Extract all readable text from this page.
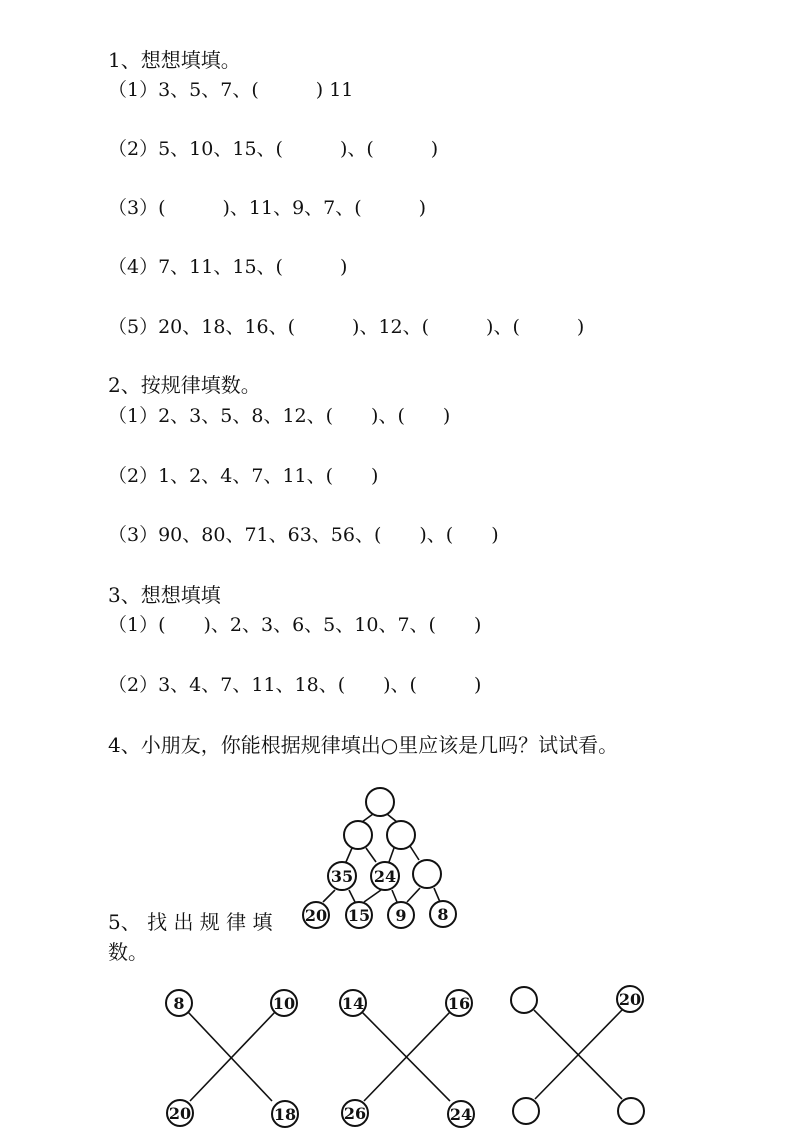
1、想想填填。
（1）3、5、7、(　　　) 11
（2）5、10、15、(　　　)、(　　　)
（3）(　　　)、11、9、7、(　　　)
（4）7、11、15、(　　　)
（5）20、18、16、(　　　)、12、(　　　)、(　　　)
2、按规律填数。
（1）2、3、5、8、12、(　　)、(　　)
（2）1、2、4、7、11、(　　)
（3）90、80、71、63、56、(　　)、(　　)
3、想想填填
（1）(　　)、2、3、6、5、10、7、(　　)
（2）3、4、7、11、18、(　　)、(　　　)
4、小朋友，你能根据规律填出○里应该是几吗？试试看。
5、 找 出 规 律 填
数。
35 24
20 15 9 8
8	10
20	18
14	16
26	24
20
